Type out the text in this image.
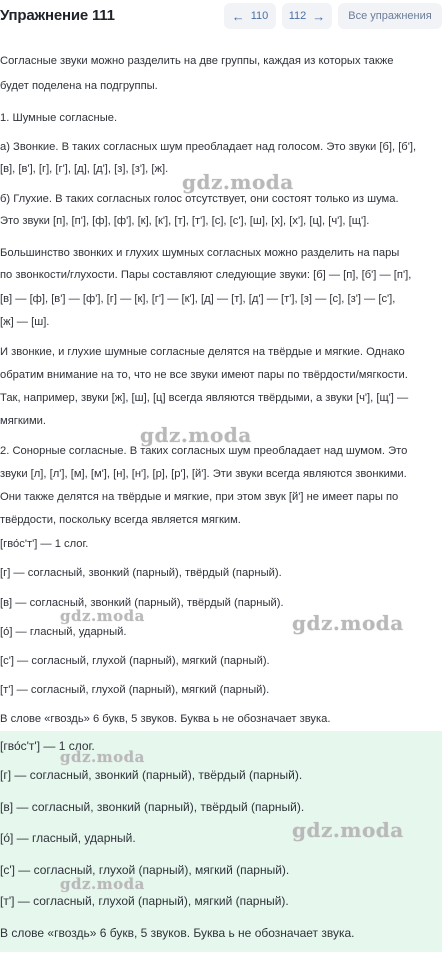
Согласные звуки можно разделить на две группы, каждая из которых также
будет поделена на подгруппы.
1. Шумные согласные.
а) Звонкие. В таких согласных шум преобладает над голосом. Это звуки [б], [б'],
[в], [в'], [г], [г'], [д], [д'], [з], [з'], [ж].
б) Глухие. В таких согласных голос отсутствует, они состоят только из шума.
Это звуки [п], [п'], [ф], [ф'], [к], [к'], [т], [т'], [с], [с'], [ш], [х], [х'], [ц], [ч'], [щ'].
Большинство звонких и глухих шумных согласных можно разделить на пары
по звонкости/глухости. Пары составляют следующие звуки: [б] — [п], [б'] — [п'],
[в] — [ф], [в'] — [ф'], [г] — [к], [г'] — [к'], [д] — [т], [д'] — [т'], [з] — [с], [з'] — [с'],
[ж] — [ш].
И звонкие, и глухие шумные согласные делятся на твёрдые и мягкие. Однако
обратим внимание на то, что не все звуки имеют пары по твёрдости/мягкости.
Так, например, звуки [ж], [ш], [ц] всегда являются твёрдыми, а звуки [ч'], [щ'] —
мягкими.
2. Сонорные согласные. В таких согласных шум преобладает над шумом. Это
звуки [л], [л'], [м], [м'], [н], [н'], [р], [р'], [й']. Эти звуки всегда являются звонкими.
Они также делятся на твёрдые и мягкие, при этом звук [й'] не имеет пары по
твёрдости, поскольку всегда является мягким.
[гво́с'т'] — 1 слог.
[г] — согласный, звонкий (парный), твёрдый (парный).
[в] — согласный, звонкий (парный), твёрдый (парный).
[о́] — гласный, ударный.
[с'] — согласный, глухой (парный), мягкий (парный).
[т'] — согласный, глухой (парный), мягкий (парный).
В слове «гвоздь» 6 букв, 5 звуков. Буква ь не обозначает звука.
[гво́с'т'] — 1 слог.
[г] — согласный, звонкий (парный), твёрдый (парный).
[в] — согласный, звонкий (парный), твёрдый (парный).
[о́] — гласный, ударный.
[с'] — согласный, глухой (парный), мягкий (парный).
[т'] — согласный, глухой (парный), мягкий (парный).
В слове «гвоздь» 6 букв, 5 звуков. Буква ь не обозначает звука.
gdz.moda
gdz.moda
gdz.moda	gdz.moda
gdz.moda
gdz.moda
gdz.moda
Упражнение 111	← 110 112 → Все упражнения
